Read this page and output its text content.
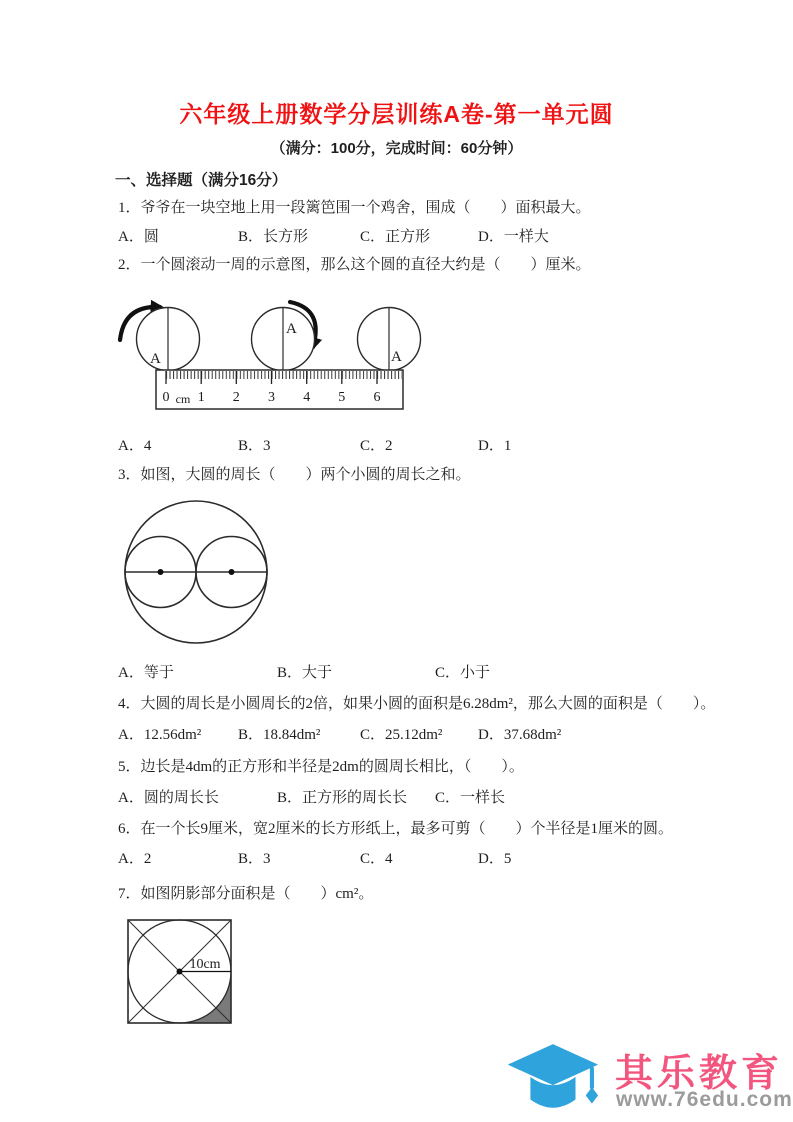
六年级上册数学分层训练A卷-第一单元圆
（满分：100分，完成时间：60分钟）
一、选择题（满分16分）
1．爷爷在一块空地上用一段篱笆围一个鸡舍，围成（　　）面积最大。
A．圆	B．长方形	C．正方形	D．一样大
2．一个圆滚动一周的示意图，那么这个圆的直径大约是（　　）厘米。
A
A
A
0 1 2 3 4 5 6
cm
A．4	B．3	C．2	D．1
3．如图，大圆的周长（　　）两个小圆的周长之和。
A．等于	B．大于	C．小于
4．大圆的周长是小圆周长的2倍，如果小圆的面积是6.28dm²，那么大圆的面积是（　　）。
A．12.56dm² B．18.84dm²	C．25.12dm² D．37.68dm²
5．边长是4dm的正方形和半径是2dm的圆周长相比，（　　）。
A．圆的周长长	B．正方形的周长长 C．一样长
6．在一个长9厘米，宽2厘米的长方形纸上，最多可剪（　　）个半径是1厘米的圆。
A．2	B．3	C．4	D．5
7．如图阴影部分面积是（　　）cm²。
10cm
其乐教育
www.76edu.com
